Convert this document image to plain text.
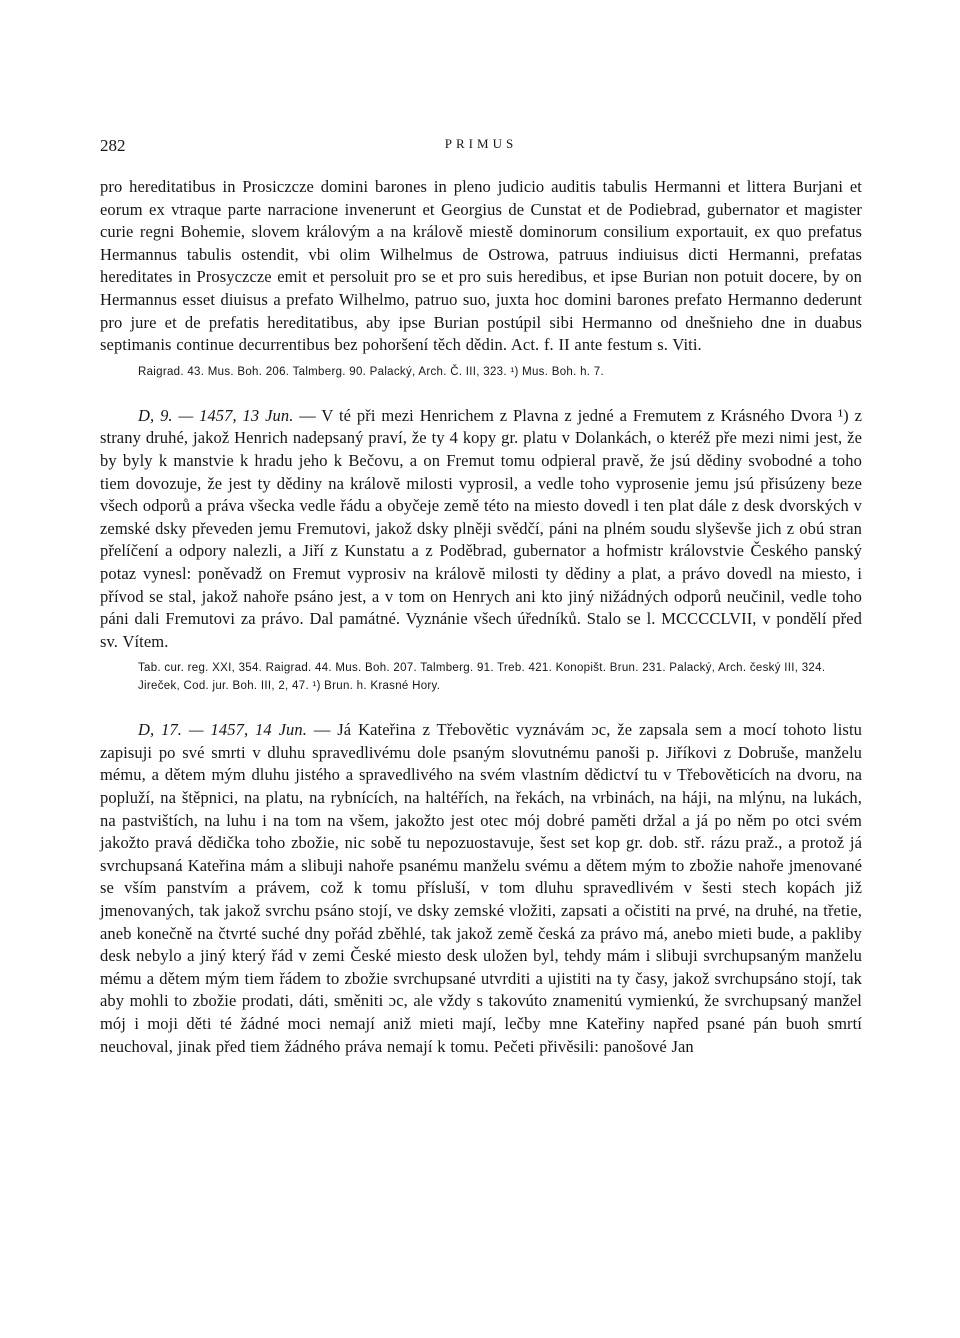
282	PRIMUS

pro hereditatibus in Prosiczcze domini barones in pleno judicio auditis tabulis Hermanni et littera Burjani et eorum ex vtraque parte narracione invenerunt et Georgius de Cunstat et de Podiebrad, gubernator et magister curie regni Bohemie, slovem královým a na králově miestě dominorum consilium exportauit, ex quo prefatus Hermannus tabulis ostendit, vbi olim Wilhelmus de Ostrowa, patruus indiuisus dicti Hermanni, prefatas hereditates in Prosyczcze emit et persoluit pro se et pro suis heredibus, et ipse Burian non potuit docere, by on Hermannus esset diuisus a prefato Wilhelmo, patruo suo, juxta hoc domini barones prefato Hermanno dederunt pro jure et de prefatis hereditatibus, aby ipse Burian postúpil sibi Hermanno od dnešnieho dne in duabus septimanis continue decurrentibus bez pohoršení těch dědin. Act. f. II ante festum s. Viti.

Raigrad. 43. Mus. Boh. 206. Talmberg. 90. Palacký, Arch. Č. III, 323. ¹) Mus. Boh. h. 7.

D, 9. — 1457, 13 Jun. — V té při mezi Henrichem z Plavna z jedné a Fremutem z Krásného Dvora ¹) z strany druhé, jakož Henrich nadepsaný praví, že ty 4 kopy gr. platu v Dolankách, o kteréž pře mezi nimi jest, že by byly k manstvie k hradu jeho k Bečovu, a on Fremut tomu odpieral pravě, že jsú dědiny svobodné a toho tiem dovozuje, že jest ty dědiny na královĕ milosti vyprosil, a vedle toho vyprosenie jemu jsú přisúzeny beze všech odporů a práva všecka vedle řádu a obyčeje země této na miesto dovedl i ten plat dále z desk dvorských v zemské dsky převeden jemu Fremutovi, jakož dsky plněji svědčí, páni na plném soudu slyševše jich z obú stran přelíčení a odpory nalezli, a Jiří z Kunstatu a z Poděbrad, gubernator a hofmistr královstvie Českého panský potaz vynesl: poněvadž on Fremut vyprosiv na královĕ milosti ty dědiny a plat, a právo dovedl na miesto, i přívod se stal, jakož nahoře psáno jest, a v tom on Henrych ani kto jiný nižádných odporů neučinil, vedle toho páni dali Fremutovi za právo. Dal památné. Vyznánie všech úředníků. Stalo se l. MCCCCLVII, v pondělí před sv. Vítem.

Tab. cur. reg. XXI, 354. Raigrad. 44. Mus. Boh. 207. Talmberg. 91. Treb. 421. Konopišt. Brun. 231. Palacký, Arch. český III, 324. Jireček, Cod. jur. Boh. III, 2, 47. ¹) Brun. h. Krasné Hory.

D, 17. — 1457, 14 Jun. — Já Kateřina z Třebovětic vyznávám ɔc, že zapsala sem a mocí tohoto listu zapisuji po své smrti v dluhu spravedlivému dole psaným slovutnému panoši p. Jiříkovi z Dobruše, manželu mému, a dětem mým dluhu jistého a spravedlivého na svém vlastním dědictví tu v Třebověticích na dvoru, na popluží, na štěpnici, na platu, na rybnících, na haltéřích, na řekách, na vrbinách, na háji, na mlýnu, na lukách, na pastvištích, na luhu i na tom na všem, jakožto jest otec mój dobré paměti držal a já po něm po otci svém jakožto pravá dědička toho zbožie, nic sobě tu nepozuostavuje, šest set kop gr. dob. stř. rázu praž., a protož já svrchupsaná Kateřina mám a slibuji nahoře psanému manželu svému a dětem mým to zbožie nahoře jmenované se vším panstvím a právem, což k tomu přísluší, v tom dluhu spravedlivém v šesti stech kopách již jmenovaných, tak jakož svrchu psáno stojí, ve dsky zemské vložiti, zapsati a očistiti na prvé, na druhé, na třetie, aneb konečně na čtvrté suché dny pořád zběhlé, tak jakož země česká za právo má, anebo mieti bude, a pakliby desk nebylo a jiný který řád v zemi České miesto desk uložen byl, tehdy mám i slibuji svrchupsaným manželu mému a dětem mým tiem řádem to zbožie svrchupsané utvrditi a ujistiti na ty časy, jakož svrchupsáno stojí, tak aby mohli to zbožie prodati, dáti, směniti ɔc, ale vždy s takovúto znamenitú vymienkú, že svrchupsaný manžel mój i moji děti té žádné moci nemají aniž mieti mají, lečby mne Kateřiny napřed psané pán buoh smrtí neuchoval, jinak před tiem žádného práva nemají k tomu. Pečeti přivěsili: panošové Jan
